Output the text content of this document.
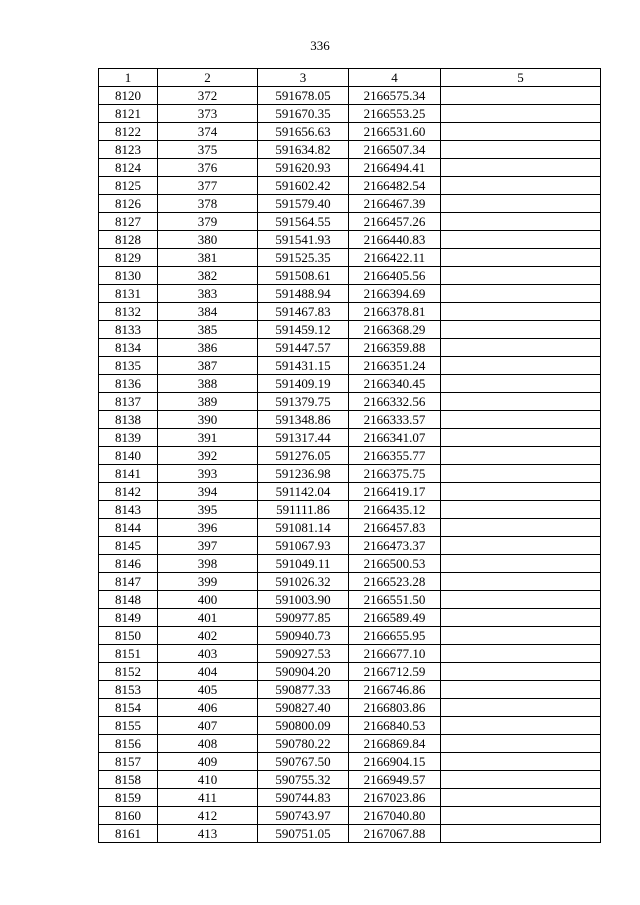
336
1	2	3	4	5
8120	372	591678.05	2166575.34	
8121	373	591670.35	2166553.25	
8122	374	591656.63	2166531.60	
8123	375	591634.82	2166507.34	
8124	376	591620.93	2166494.41	
8125	377	591602.42	2166482.54	
8126	378	591579.40	2166467.39	
8127	379	591564.55	2166457.26	
8128	380	591541.93	2166440.83	
8129	381	591525.35	2166422.11	
8130	382	591508.61	2166405.56	
8131	383	591488.94	2166394.69	
8132	384	591467.83	2166378.81	
8133	385	591459.12	2166368.29	
8134	386	591447.57	2166359.88	
8135	387	591431.15	2166351.24	
8136	388	591409.19	2166340.45	
8137	389	591379.75	2166332.56	
8138	390	591348.86	2166333.57	
8139	391	591317.44	2166341.07	
8140	392	591276.05	2166355.77	
8141	393	591236.98	2166375.75	
8142	394	591142.04	2166419.17	
8143	395	591111.86	2166435.12	
8144	396	591081.14	2166457.83	
8145	397	591067.93	2166473.37	
8146	398	591049.11	2166500.53	
8147	399	591026.32	2166523.28	
8148	400	591003.90	2166551.50	
8149	401	590977.85	2166589.49	
8150	402	590940.73	2166655.95	
8151	403	590927.53	2166677.10	
8152	404	590904.20	2166712.59	
8153	405	590877.33	2166746.86	
8154	406	590827.40	2166803.86	
8155	407	590800.09	2166840.53	
8156	408	590780.22	2166869.84	
8157	409	590767.50	2166904.15	
8158	410	590755.32	2166949.57	
8159	411	590744.83	2167023.86	
8160	412	590743.97	2167040.80	
8161	413	590751.05	2167067.88	
